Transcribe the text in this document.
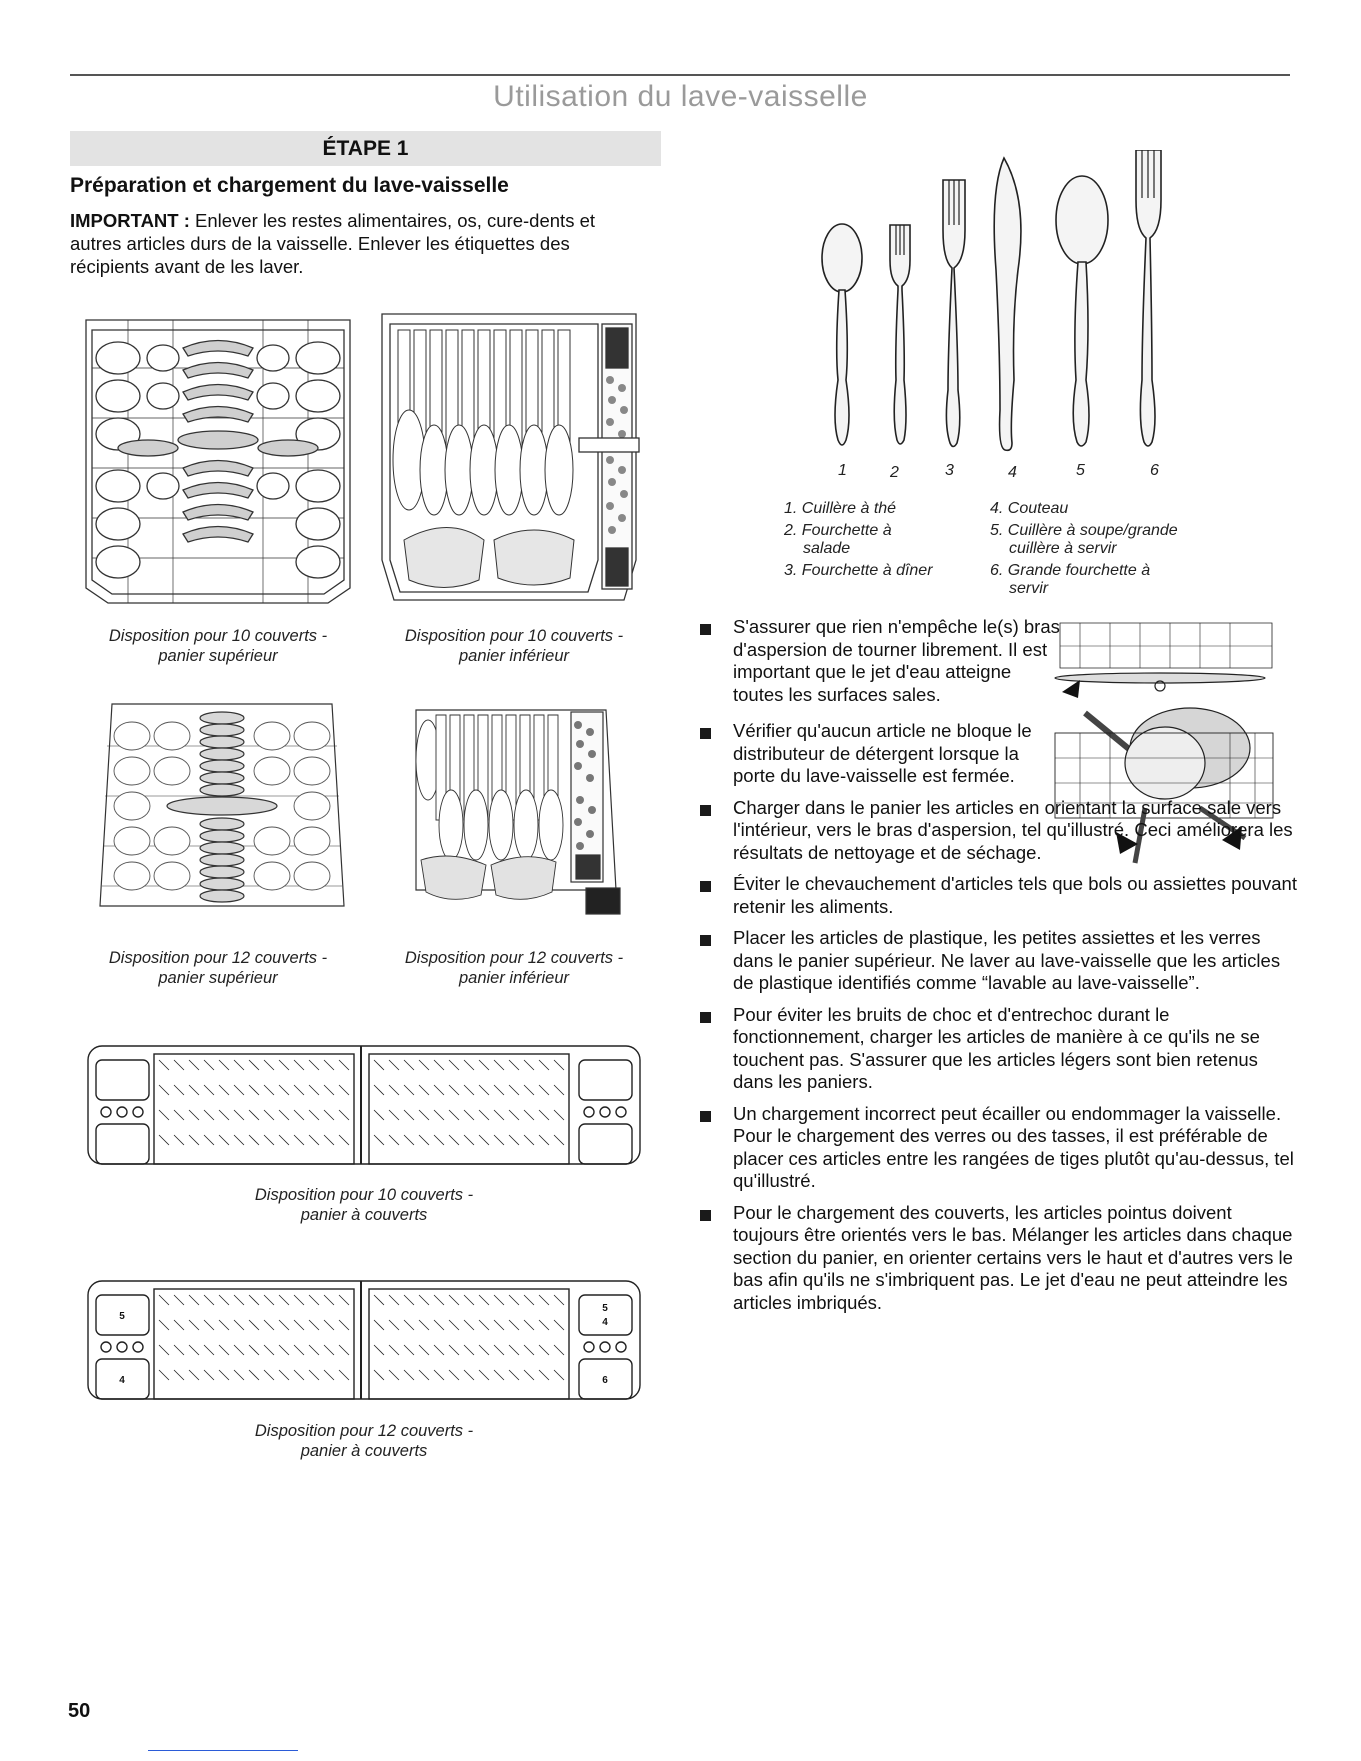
Utilisation du lave-vaisselle
ÉTAPE 1
Préparation et chargement du lave-vaisselle
IMPORTANT : Enlever les restes alimentaires, os, cure-dents et autres articles durs de la vaisselle. Enlever les étiquettes des récipients avant de les laver.
Disposition pour 10 couverts -
panier supérieur
Disposition pour 10 couverts -
panier inférieur
Disposition pour 12 couverts -
panier supérieur
Disposition pour 12 couverts -
panier inférieur
Disposition pour 10 couverts -
panier à couverts
5
4
5
4
6
Disposition pour 12 couverts -
panier à couverts
1	2	3	4	5	6
1. Cuillère à thé
2. Fourchette à
salade
3. Fourchette à dîner
4. Couteau
5. Cuillère à soupe/grande
cuillère à servir
6. Grande fourchette à
servir
S'assurer que rien n'empêche le(s) bras d'aspersion de tourner librement. Il est important que le jet d'eau atteigne toutes les surfaces sales.
Vérifier qu'aucun article ne bloque le distributeur de détergent lorsque la porte du lave-vaisselle est fermée.
Charger dans le panier les articles en orientant la surface sale vers l'intérieur, vers le bras d'aspersion, tel qu'illustré. Ceci améliorera les résultats de nettoyage et de séchage.
Éviter le chevauchement d'articles tels que bols ou assiettes pouvant retenir les aliments.
Placer les articles de plastique, les petites assiettes et les verres dans le panier supérieur. Ne laver au lave-vaisselle que les articles de plastique identifiés comme “lavable au lave-vaisselle”.
Pour éviter les bruits de choc et d'entrechoc durant le fonctionnement, charger les articles de manière à ce qu'ils ne se touchent pas. S'assurer que les articles légers sont bien retenus dans les paniers.
Un chargement incorrect peut écailler ou endommager la vaisselle. Pour le chargement des verres ou des tasses, il est préférable de placer ces articles entre les rangées de tiges plutôt qu'au-dessus, tel qu'illustré.
Pour le chargement des couverts, les articles pointus doivent toujours être orientés vers le bas. Mélanger les articles dans chaque section du panier, en orienter certains vers le haut et d'autres vers le bas afin qu'ils ne s'imbriquent pas. Le jet d'eau ne peut atteindre les articles imbriqués.
50
